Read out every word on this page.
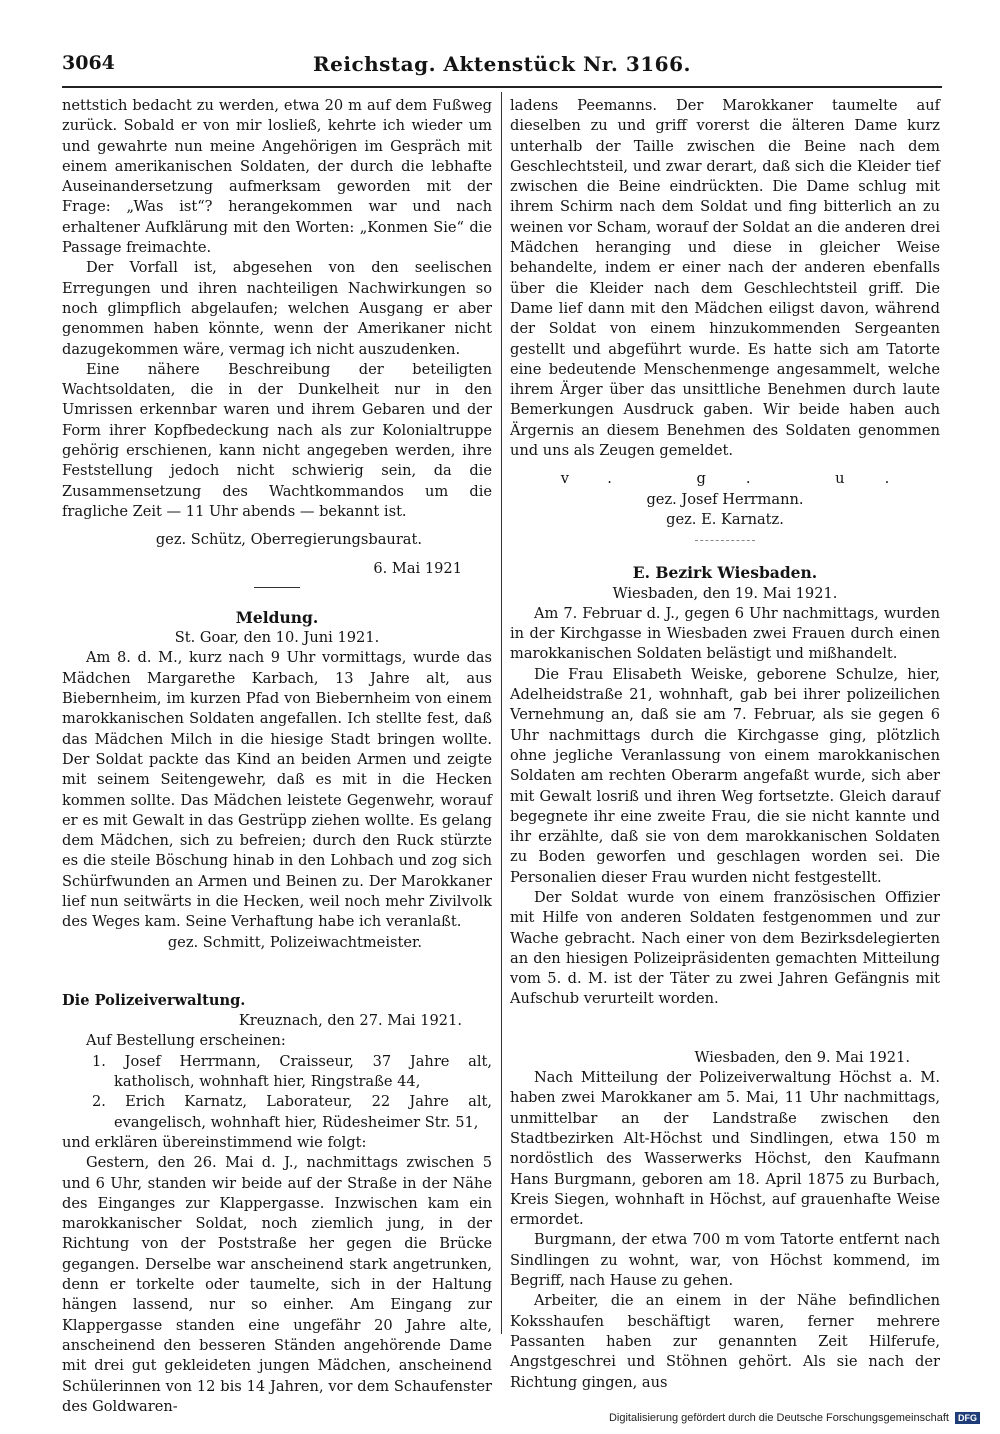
3064	Reichstag. Aktenstück Nr. 3166.

nettstich bedacht zu werden, etwa 20 m auf dem Fußweg zurück. Sobald er von mir losließ, kehrte ich wieder um und gewahrte nun meine Angehörigen im Gespräch mit einem amerikanischen Soldaten, der durch die lebhafte Auseinandersetzung aufmerksam geworden mit der Frage: „Was ist“? herangekommen war und nach erhaltener Aufklärung mit den Worten: „Konmen Sie“ die Passage freimachte.

Der Vorfall ist, abgesehen von den seelischen Erregungen und ihren nachteiligen Nachwirkungen so noch glimpflich abgelaufen; welchen Ausgang er aber genommen haben könnte, wenn der Amerikaner nicht dazugekommen wäre, vermag ich nicht auszudenken.

Eine nähere Beschreibung der beteiligten Wachtsoldaten, die in der Dunkelheit nur in den Umrissen erkennbar waren und ihrem Gebaren und der Form ihrer Kopfbedeckung nach als zur Kolonialtruppe gehörig erschienen, kann nicht angegeben werden, ihre Feststellung jedoch nicht schwierig sein, da die Zusammensetzung des Wachtkommandos um die fragliche Zeit — 11 Uhr abends — bekannt ist.

gez. Schütz, Oberregierungsbaurat.

6. Mai 1921

Meldung.

St. Goar, den 10. Juni 1921.

Am 8. d. M., kurz nach 9 Uhr vormittags, wurde das Mädchen Margarethe Karbach, 13 Jahre alt, aus Biebernheim, im kurzen Pfad von Biebernheim von einem marokkanischen Soldaten angefallen. Ich stellte fest, daß das Mädchen Milch in die hiesige Stadt bringen wollte. Der Soldat packte das Kind an beiden Armen und zeigte mit seinem Seitengewehr, daß es mit in die Hecken kommen sollte. Das Mädchen leistete Gegenwehr, worauf er es mit Gewalt in das Gestrüpp ziehen wollte. Es gelang dem Mädchen, sich zu befreien; durch den Ruck stürzte es die steile Böschung hinab in den Lohbach und zog sich Schürfwunden an Armen und Beinen zu. Der Marokkaner lief nun seitwärts in die Hecken, weil noch mehr Zivilvolk des Weges kam. Seine Verhaftung habe ich veranlaßt.

gez. Schmitt, Polizeiwachtmeister.

Die Polizeiverwaltung.

Kreuznach, den 27. Mai 1921.

Auf Bestellung erscheinen:

1. Josef Herrmann, Craisseur, 37 Jahre alt, katholisch, wohnhaft hier, Ringstraße 44,

2. Erich Karnatz, Laborateur, 22 Jahre alt, evangelisch, wohnhaft hier, Rüdesheimer Str. 51,

und erklären übereinstimmend wie folgt:

Gestern, den 26. Mai d. J., nachmittags zwischen 5 und 6 Uhr, standen wir beide auf der Straße in der Nähe des Einganges zur Klappergasse. Inzwischen kam ein marokkanischer Soldat, noch ziemlich jung, in der Richtung von der Poststraße her gegen die Brücke gegangen. Derselbe war anscheinend stark angetrunken, denn er torkelte oder taumelte, sich in der Haltung hängen lassend, nur so einher. Am Eingang zur Klappergasse standen eine ungefähr 20 Jahre alte, anscheinend den besseren Ständen angehörende Dame mit drei gut gekleideten jungen Mädchen, anscheinend Schülerinnen von 12 bis 14 Jahren, vor dem Schaufenster des Goldwaren-

ladens Peemanns. Der Marokkaner taumelte auf dieselben zu und griff vorerst die älteren Dame kurz unterhalb der Taille zwischen die Beine nach dem Geschlechtsteil, und zwar derart, daß sich die Kleider tief zwischen die Beine eindrückten. Die Dame schlug mit ihrem Schirm nach dem Soldat und fing bitterlich an zu weinen vor Scham, worauf der Soldat an die anderen drei Mädchen heranging und diese in gleicher Weise behandelte, indem er einer nach der anderen ebenfalls über die Kleider nach dem Geschlechtsteil griff. Die Dame lief dann mit den Mädchen eiligst davon, während der Soldat von einem hinzukommenden Sergeanten gestellt und abgeführt wurde. Es hatte sich am Tatorte eine bedeutende Menschenmenge angesammelt, welche ihrem Ärger über das unsittliche Benehmen durch laute Bemerkungen Ausdruck gaben. Wir beide haben auch Ärgernis an diesem Benehmen des Soldaten genommen und uns als Zeugen gemeldet.

v. g. u.

gez. Josef Herrmann.

gez. E. Karnatz.

E. Bezirk Wiesbaden.

Wiesbaden, den 19. Mai 1921.

Am 7. Februar d. J., gegen 6 Uhr nachmittags, wurden in der Kirchgasse in Wiesbaden zwei Frauen durch einen marokkanischen Soldaten belästigt und mißhandelt.

Die Frau Elisabeth Weiske, geborene Schulze, hier, Adelheidstraße 21, wohnhaft, gab bei ihrer polizeilichen Vernehmung an, daß sie am 7. Februar, als sie gegen 6 Uhr nachmittags durch die Kirchgasse ging, plötzlich ohne jegliche Veranlassung von einem marokkanischen Soldaten am rechten Oberarm angefaßt wurde, sich aber mit Gewalt losriß und ihren Weg fortsetzte. Gleich darauf begegnete ihr eine zweite Frau, die sie nicht kannte und ihr erzählte, daß sie von dem marokkanischen Soldaten zu Boden geworfen und geschlagen worden sei. Die Personalien dieser Frau wurden nicht festgestellt.

Der Soldat wurde von einem französischen Offizier mit Hilfe von anderen Soldaten festgenommen und zur Wache gebracht. Nach einer von dem Bezirksdelegierten an den hiesigen Polizeipräsidenten gemachten Mitteilung vom 5. d. M. ist der Täter zu zwei Jahren Gefängnis mit Aufschub verurteilt worden.

Wiesbaden, den 9. Mai 1921.

Nach Mitteilung der Polizeiverwaltung Höchst a. M. haben zwei Marokkaner am 5. Mai, 11 Uhr nachmittags, unmittelbar an der Landstraße zwischen den Stadtbezirken Alt-Höchst und Sindlingen, etwa 150 m nordöstlich des Wasserwerks Höchst, den Kaufmann Hans Burgmann, geboren am 18. April 1875 zu Burbach, Kreis Siegen, wohnhaft in Höchst, auf grauenhafte Weise ermordet.

Burgmann, der etwa 700 m vom Tatorte entfernt nach Sindlingen zu wohnt, war, von Höchst kommend, im Begriff, nach Hause zu gehen.

Arbeiter, die an einem in der Nähe befindlichen Koksshaufen beschäftigt waren, ferner mehrere Passanten haben zur genannten Zeit Hilferufe, Angstgeschrei und Stöhnen gehört. Als sie nach der Richtung gingen, aus

Digitalisierung gefördert durch die Deutsche Forschungsgemeinschaft DFG
